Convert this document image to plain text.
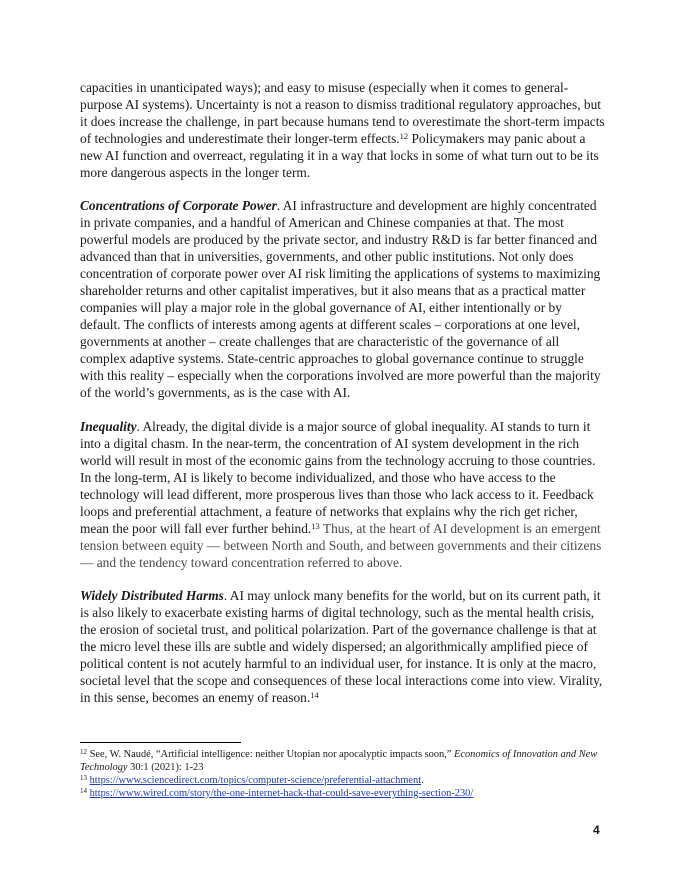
capacities in unanticipated ways); and easy to misuse (especially when it comes to general-purpose AI systems). Uncertainty is not a reason to dismiss traditional regulatory approaches, but it does increase the challenge, in part because humans tend to overestimate the short-term impacts of technologies and underestimate their longer-term effects.$^{12}$ Policymakers may panic about a new AI function and overreact, regulating it in a way that locks in some of what turn out to be its more dangerous aspects in the longer term.

Concentrations of Corporate Power. AI infrastructure and development are highly concentrated in private companies, and a handful of American and Chinese companies at that. The most powerful models are produced by the private sector, and industry R&D is far better financed and advanced than that in universities, governments, and other public institutions. Not only does concentration of corporate power over AI risk limiting the applications of systems to maximizing shareholder returns and other capitalist imperatives, but it also means that as a practical matter companies will play a major role in the global governance of AI, either intentionally or by default. The conflicts of interests among agents at different scales – corporations at one level, governments at another – create challenges that are characteristic of the governance of all complex adaptive systems. State-centric approaches to global governance continue to struggle with this reality – especially when the corporations involved are more powerful than the majority of the world’s governments, as is the case with AI.

Inequality. Already, the digital divide is a major source of global inequality. AI stands to turn it into a digital chasm. In the near-term, the concentration of AI system development in the rich world will result in most of the economic gains from the technology accruing to those countries. In the long-term, AI is likely to become individualized, and those who have access to the technology will lead different, more prosperous lives than those who lack access to it. Feedback loops and preferential attachment, a feature of networks that explains why the rich get richer, mean the poor will fall ever further behind.$^{13}$ Thus, at the heart of AI development is an emergent tension between equity — between North and South, and between governments and their citizens — and the tendency toward concentration referred to above.

Widely Distributed Harms. AI may unlock many benefits for the world, but on its current path, it is also likely to exacerbate existing harms of digital technology, such as the mental health crisis, the erosion of societal trust, and political polarization. Part of the governance challenge is that at the micro level these ills are subtle and widely dispersed; an algorithmically amplified piece of political content is not acutely harmful to an individual user, for instance. It is only at the macro, societal level that the scope and consequences of these local interactions come into view. Virality, in this sense, becomes an enemy of reason.$^{14}$

$^{12}$ See, W. Naudé, “Artificial intelligence: neither Utopian nor apocalyptic impacts soon,” Economics of Innovation and New Technology 30:1 (2021): 1-23

$^{13}$ https://www.sciencedirect.com/topics/computer-science/preferential-attachment.

$^{14}$ https://www.wired.com/story/the-one-internet-hack-that-could-save-everything-section-230/

4
